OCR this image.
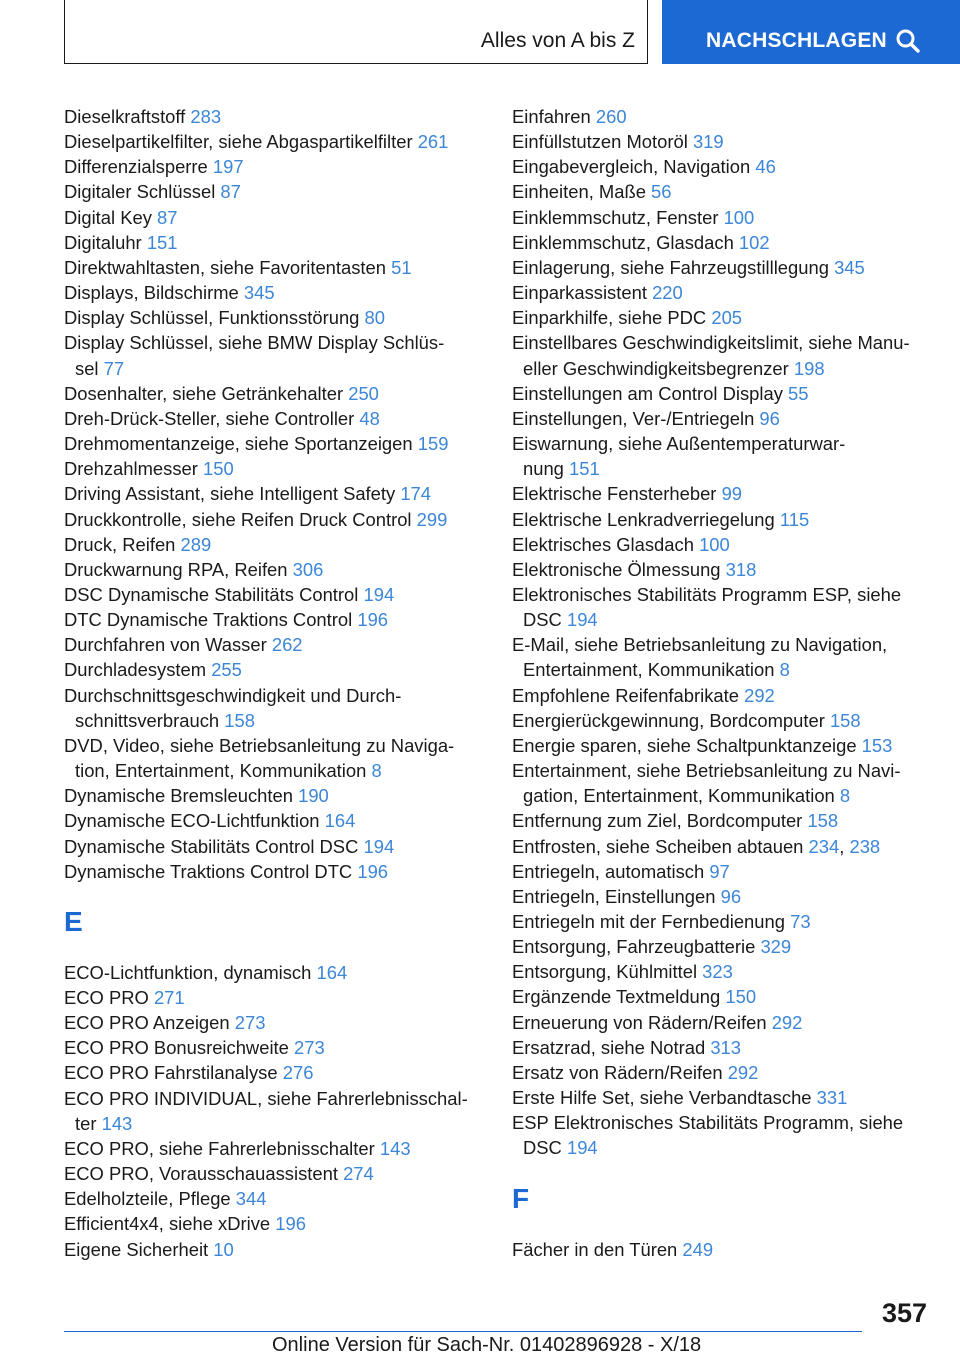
Alles von A bis Z	NACHSCHLAGEN
Dieselkraftstoff 283
Dieselpartikelfilter, siehe Abgaspartikelfilter 261
Differenzialsperre 197
Digitaler Schlüssel 87
Digital Key 87
Digitaluhr 151
Direktwahltasten, siehe Favoritentasten 51
Displays, Bildschirme 345
Display Schlüssel, Funktionsstörung 80
Display Schlüssel, siehe BMW Display Schlüs-
sel 77
Dosenhalter, siehe Getränkehalter 250
Dreh-Drück-Steller, siehe Controller 48
Drehmomentanzeige, siehe Sportanzeigen 159
Drehzahlmesser 150
Driving Assistant, siehe Intelligent Safety 174
Druckkontrolle, siehe Reifen Druck Control 299
Druck, Reifen 289
Druckwarnung RPA, Reifen 306
DSC Dynamische Stabilitäts Control 194
DTC Dynamische Traktions Control 196
Durchfahren von Wasser 262
Durchladesystem 255
Durchschnittsgeschwindigkeit und Durch-
schnittsverbrauch 158
DVD, Video, siehe Betriebsanleitung zu Naviga-
tion, Entertainment, Kommunikation 8
Dynamische Bremsleuchten 190
Dynamische ECO-Lichtfunktion 164
Dynamische Stabilitäts Control DSC 194
Dynamische Traktions Control DTC 196
E
ECO-Lichtfunktion, dynamisch 164
ECO PRO 271
ECO PRO Anzeigen 273
ECO PRO Bonusreichweite 273
ECO PRO Fahrstilanalyse 276
ECO PRO INDIVIDUAL, siehe Fahrerlebnisschal-
ter 143
ECO PRO, siehe Fahrerlebnisschalter 143
ECO PRO, Vorausschauassistent 274
Edelholzteile, Pflege 344
Efficient4x4, siehe xDrive 196
Eigene Sicherheit 10
Einfahren 260
Einfüllstutzen Motoröl 319
Eingabevergleich, Navigation 46
Einheiten, Maße 56
Einklemmschutz, Fenster 100
Einklemmschutz, Glasdach 102
Einlagerung, siehe Fahrzeugstilllegung 345
Einparkassistent 220
Einparkhilfe, siehe PDC 205
Einstellbares Geschwindigkeitslimit, siehe Manu-
eller Geschwindigkeitsbegrenzer 198
Einstellungen am Control Display 55
Einstellungen, Ver-/Entriegeln 96
Eiswarnung, siehe Außentemperaturwar-
nung 151
Elektrische Fensterheber 99
Elektrische Lenkradverriegelung 115
Elektrisches Glasdach 100
Elektronische Ölmessung 318
Elektronisches Stabilitäts Programm ESP, siehe
DSC 194
E-Mail, siehe Betriebsanleitung zu Navigation,
Entertainment, Kommunikation 8
Empfohlene Reifenfabrikate 292
Energierückgewinnung, Bordcomputer 158
Energie sparen, siehe Schaltpunktanzeige 153
Entertainment, siehe Betriebsanleitung zu Navi-
gation, Entertainment, Kommunikation 8
Entfernung zum Ziel, Bordcomputer 158
Entfrosten, siehe Scheiben abtauen 234, 238
Entriegeln, automatisch 97
Entriegeln, Einstellungen 96
Entriegeln mit der Fernbedienung 73
Entsorgung, Fahrzeugbatterie 329
Entsorgung, Kühlmittel 323
Ergänzende Textmeldung 150
Erneuerung von Rädern/Reifen 292
Ersatzrad, siehe Notrad 313
Ersatz von Rädern/Reifen 292
Erste Hilfe Set, siehe Verbandtasche 331
ESP Elektronisches Stabilitäts Programm, siehe
DSC 194
F
Fächer in den Türen 249
357
Online Version für Sach-Nr. 01402896928 - X/18
